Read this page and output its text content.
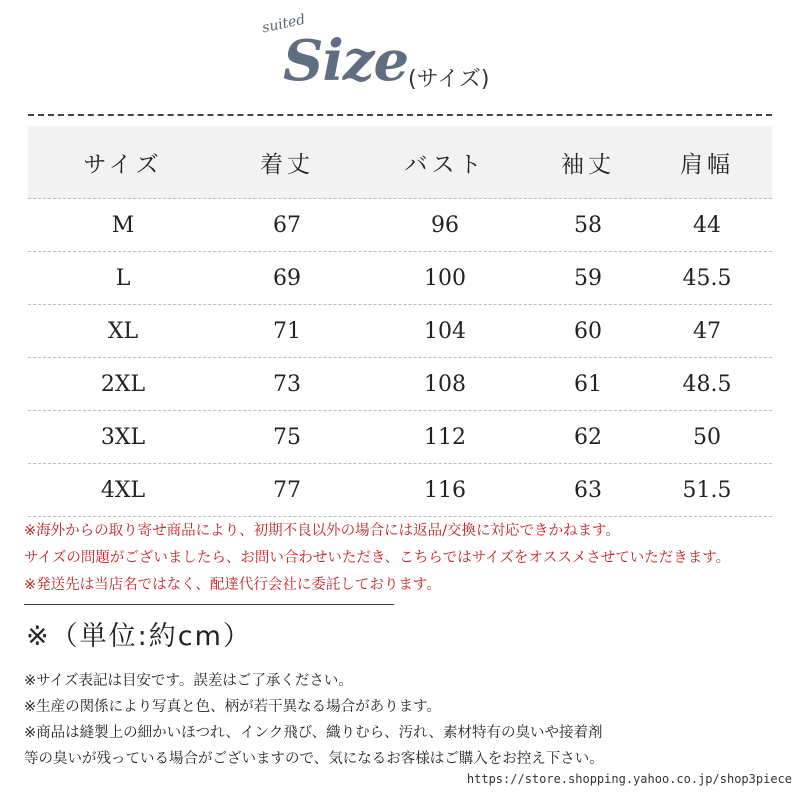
suited
Size (サイズ)
サイズ	着丈	バスト	袖丈	肩幅
M	67	96	58	44
L	69	100	59	45.5
XL	71	104	60	47
2XL	73	108	61	48.5
3XL	75	112	62	50
4XL	77	116	63	51.5
※海外からの取り寄せ商品により、初期不良以外の場合には返品/交換に対応できかねます。
サイズの問題がございましたら、お問い合わせいただき、こちらではサイズをオススメさせていただきます。
※発送先は当店名ではなく、配達代行会社に委託しております。
※（単位:約cm）
※サイズ表記は目安です。誤差はご了承ください。
※生産の関係により写真と色、柄が若干異なる場合があります。
※商品は縫製上の細かいほつれ、インク飛び、織りむら、汚れ、素材特有の臭いや接着剤
等の臭いが残っている場合がございますので、気になるお客様はご購入をお控え下さい。
https://store.shopping.yahoo.co.jp/shop3piece
